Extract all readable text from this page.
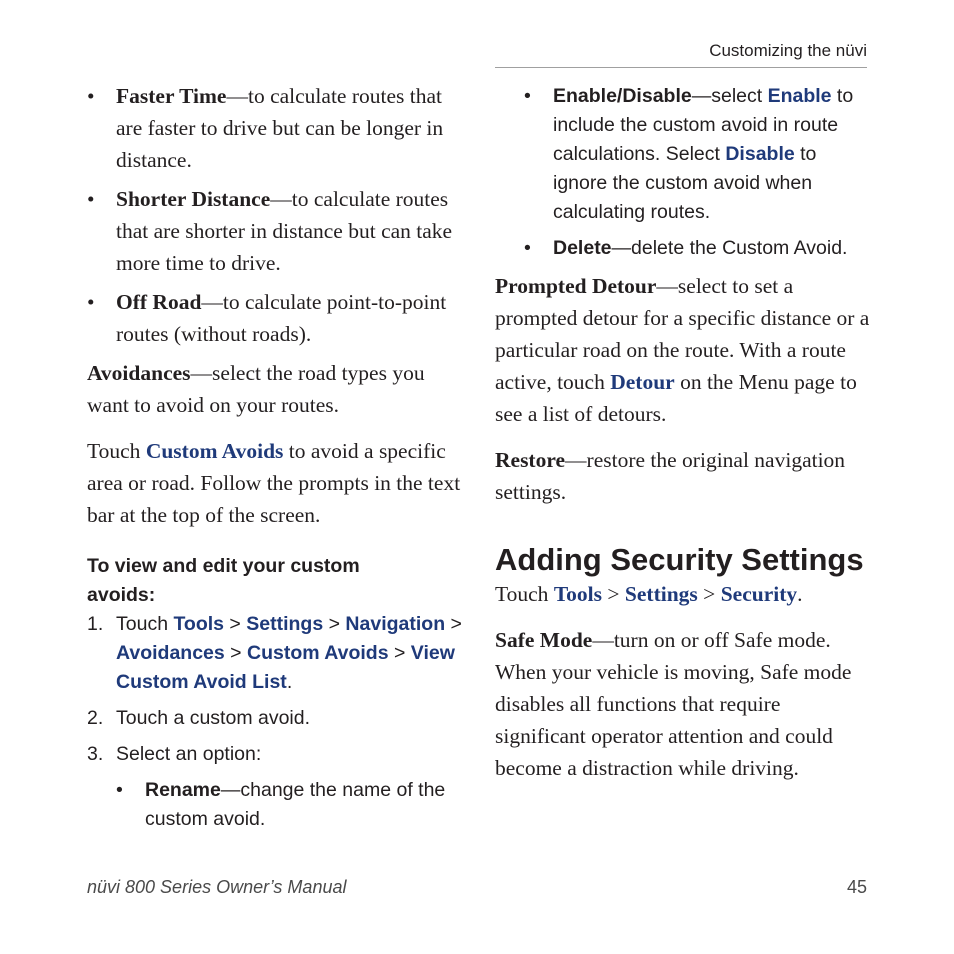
Customizing the nüvi
• Faster Time—to calculate routes that are faster to drive but can be longer in distance.
• Shorter Distance—to calculate routes that are shorter in distance but can take more time to drive.
• Off Road—to calculate point-to-point routes (without roads).

Avoidances—select the road types you want to avoid on your routes.

Touch Custom Avoids to avoid a specific area or road. Follow the prompts in the text bar at the top of the screen.

To view and edit your custom avoids:

1. Touch Tools > Settings > Navigation > Avoidances > Custom Avoids > View Custom Avoid List.
2. Touch a custom avoid.
3. Select an option:
• Rename—change the name of the custom avoid.
• Enable/Disable—select Enable to include the custom avoid in route calculations. Select Disable to ignore the custom avoid when calculating routes.
• Delete—delete the Custom Avoid.

Prompted Detour—select to set a prompted detour for a specific distance or a particular road on the route. With a route active, touch Detour on the Menu page to see a list of detours.

Restore—restore the original navigation settings.

Adding Security Settings

Touch Tools > Settings > Security.

Safe Mode—turn on or off Safe mode. When your vehicle is moving, Safe mode disables all functions that require significant operator attention and could become a distraction while driving.

nüvi 800 Series Owner’s Manual	45
